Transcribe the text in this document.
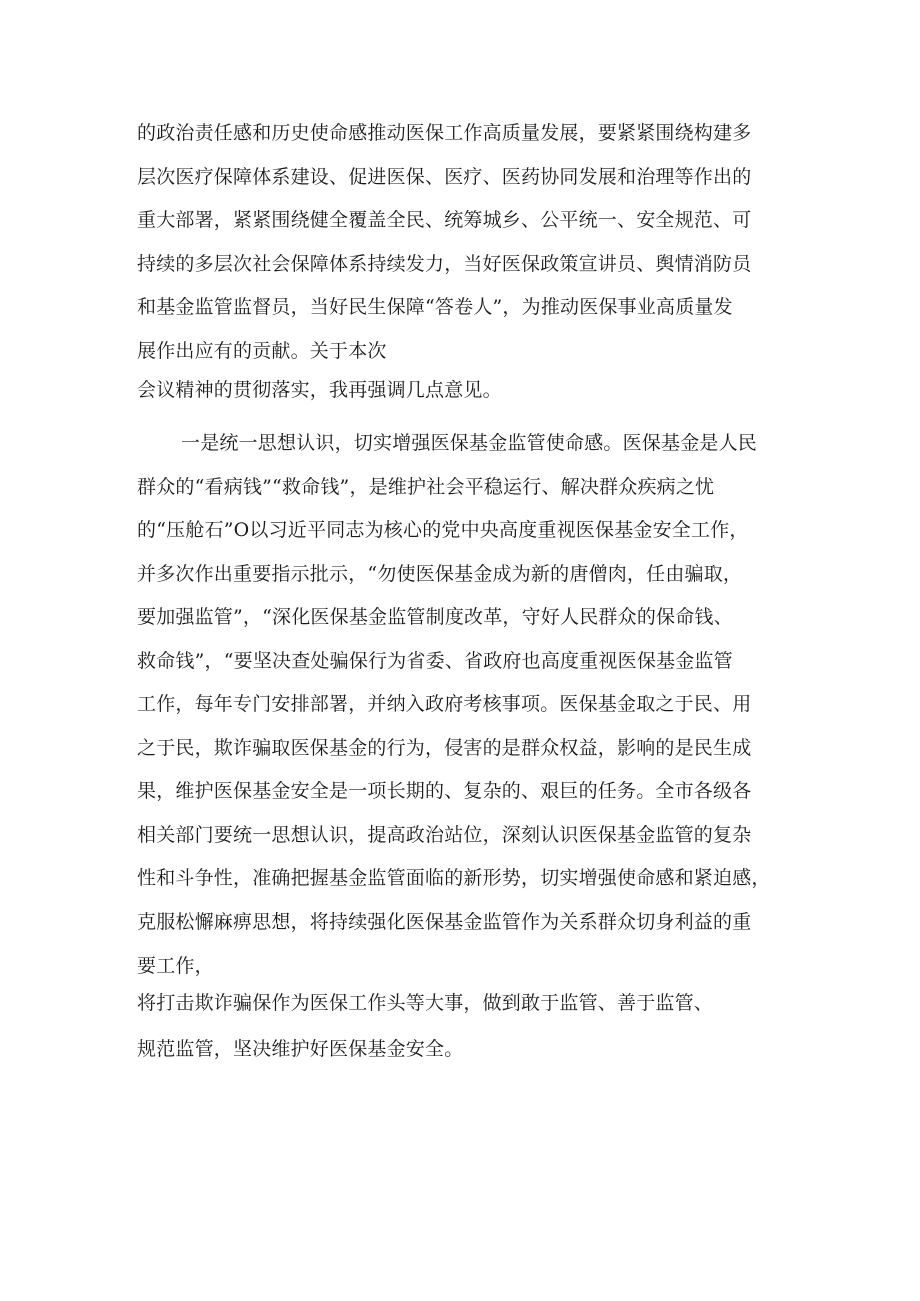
的政治责任感和历史使命感推动医保工作高质量发展，要紧紧围绕构建多
层次医疗保障体系建设、促进医保、医疗、医药协同发展和治理等作出的
重大部署，紧紧围绕健全覆盖全民、统筹城乡、公平统一、安全规范、可
持续的多层次社会保障体系持续发力，当好医保政策宣讲员、舆情消防员
和基金监管监督员，当好民生保障“答卷人”，为推动医保事业高质量发
展作出应有的贡献。关于本次
会议精神的贯彻落实，我再强调几点意见。
一是统一思想认识，切实增强医保基金监管使命感。医保基金是人民
群众的“看病钱”“救命钱”，是维护社会平稳运行、解决群众疾病之忧
的“压舱石”O以习近平同志为核心的党中央高度重视医保基金安全工作，
并多次作出重要指示批示，“勿使医保基金成为新的唐僧肉，任由骗取，
要加强监管”，“深化医保基金监管制度改革，守好人民群众的保命钱、
救命钱”，“要坚决查处骗保行为省委、省政府也高度重视医保基金监管
工作，每年专门安排部署，并纳入政府考核事项。医保基金取之于民、用
之于民，欺诈骗取医保基金的行为，侵害的是群众权益，影响的是民生成
果，维护医保基金安全是一项长期的、复杂的、艰巨的任务。全市各级各
相关部门要统一思想认识，提高政治站位，深刻认识医保基金监管的复杂
性和斗争性，准确把握基金监管面临的新形势，切实增强使命感和紧迫感，
克服松懈麻痹思想，将持续强化医保基金监管作为关系群众切身利益的重
要工作，
将打击欺诈骗保作为医保工作头等大事，做到敢于监管、善于监管、
规范监管，坚决维护好医保基金安全。
